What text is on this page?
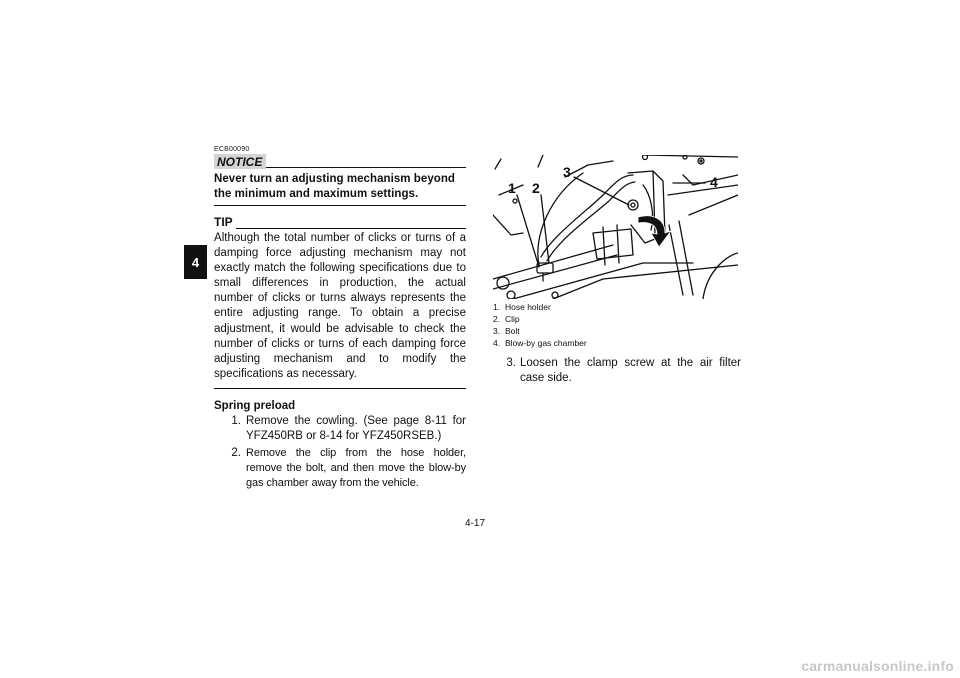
4
ECB00090
NOTICE
Never turn an adjusting mechanism beyond the minimum and maximum settings.
TIP
Although the total number of clicks or turns of a damping force adjusting mechanism may not exactly match the following specifications due to small differences in production, the actual number of clicks or turns always represents the entire adjusting range. To obtain a precise adjustment, it would be advisable to check the number of clicks or turns of each damping force adjusting mechanism and to modify the specifications as necessary.
Spring preload
1. Remove the cowling. (See page 8-11 for YFZ450RB or 8-14 for YFZ450RSEB.)
2. Remove the clip from the hose holder, remove the bolt, and then move the blow-by gas chamber away from the vehicle.
1 2
3
4
1. Hose holder
2. Clip
3. Bolt
4. Blow-by gas chamber
3. Loosen the clamp screw at the air filter case side.
4-17
carmanualsonline.info
